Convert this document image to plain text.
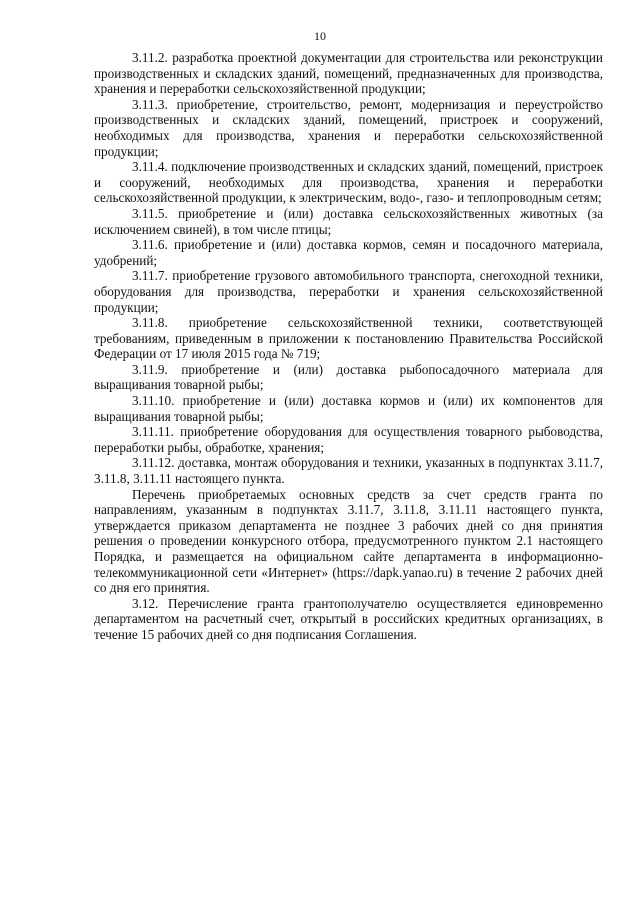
10

3.11.2. разработка проектной документации для строительства или реконструкции производственных и складских зданий, помещений, предназначенных для производства, хранения и переработки сельскохозяйственной продукции;

3.11.3. приобретение, строительство, ремонт, модернизация и переустройство производственных и складских зданий, помещений, пристроек и сооружений, необходимых для производства, хранения и переработки сельскохозяйственной продукции;

3.11.4. подключение производственных и складских зданий, помещений, пристроек и сооружений, необходимых для производства, хранения и переработки сельскохозяйственной продукции, к электрическим, водо-, газо- и теплопроводным сетям;

3.11.5. приобретение и (или) доставка сельскохозяйственных животных (за исключением свиней), в том числе птицы;

3.11.6. приобретение и (или) доставка кормов, семян и посадочного материала, удобрений;

3.11.7. приобретение грузового автомобильного транспорта, снегоходной техники, оборудования для производства, переработки и хранения сельскохозяйственной продукции;

3.11.8. приобретение сельскохозяйственной техники, соответствующей требованиям, приведенным в приложении к постановлению Правительства Российской Федерации от 17 июля 2015 года № 719;

3.11.9. приобретение и (или) доставка рыбопосадочного материала для выращивания товарной рыбы;

3.11.10. приобретение и (или) доставка кормов и (или) их компонентов для выращивания товарной рыбы;

3.11.11. приобретение оборудования для осуществления товарного рыбоводства, переработки рыбы, обработке, хранения;

3.11.12. доставка, монтаж оборудования и техники, указанных в подпунктах 3.11.7, 3.11.8, 3.11.11 настоящего пункта.

Перечень приобретаемых основных средств за счет средств гранта по направлениям, указанным в подпунктах 3.11.7, 3.11.8, 3.11.11 настоящего пункта, утверждается приказом департамента не позднее 3 рабочих дней со дня принятия решения о проведении конкурсного отбора, предусмотренного пунктом 2.1 настоящего Порядка, и размещается на официальном сайте департамента в информационно-телекоммуникационной сети «Интернет» (https://dapk.yanao.ru) в течение 2 рабочих дней со дня его принятия.

3.12. Перечисление гранта грантополучателю осуществляется единовременно департаментом на расчетный счет, открытый в российских кредитных организациях, в течение 15 рабочих дней со дня подписания Соглашения.
